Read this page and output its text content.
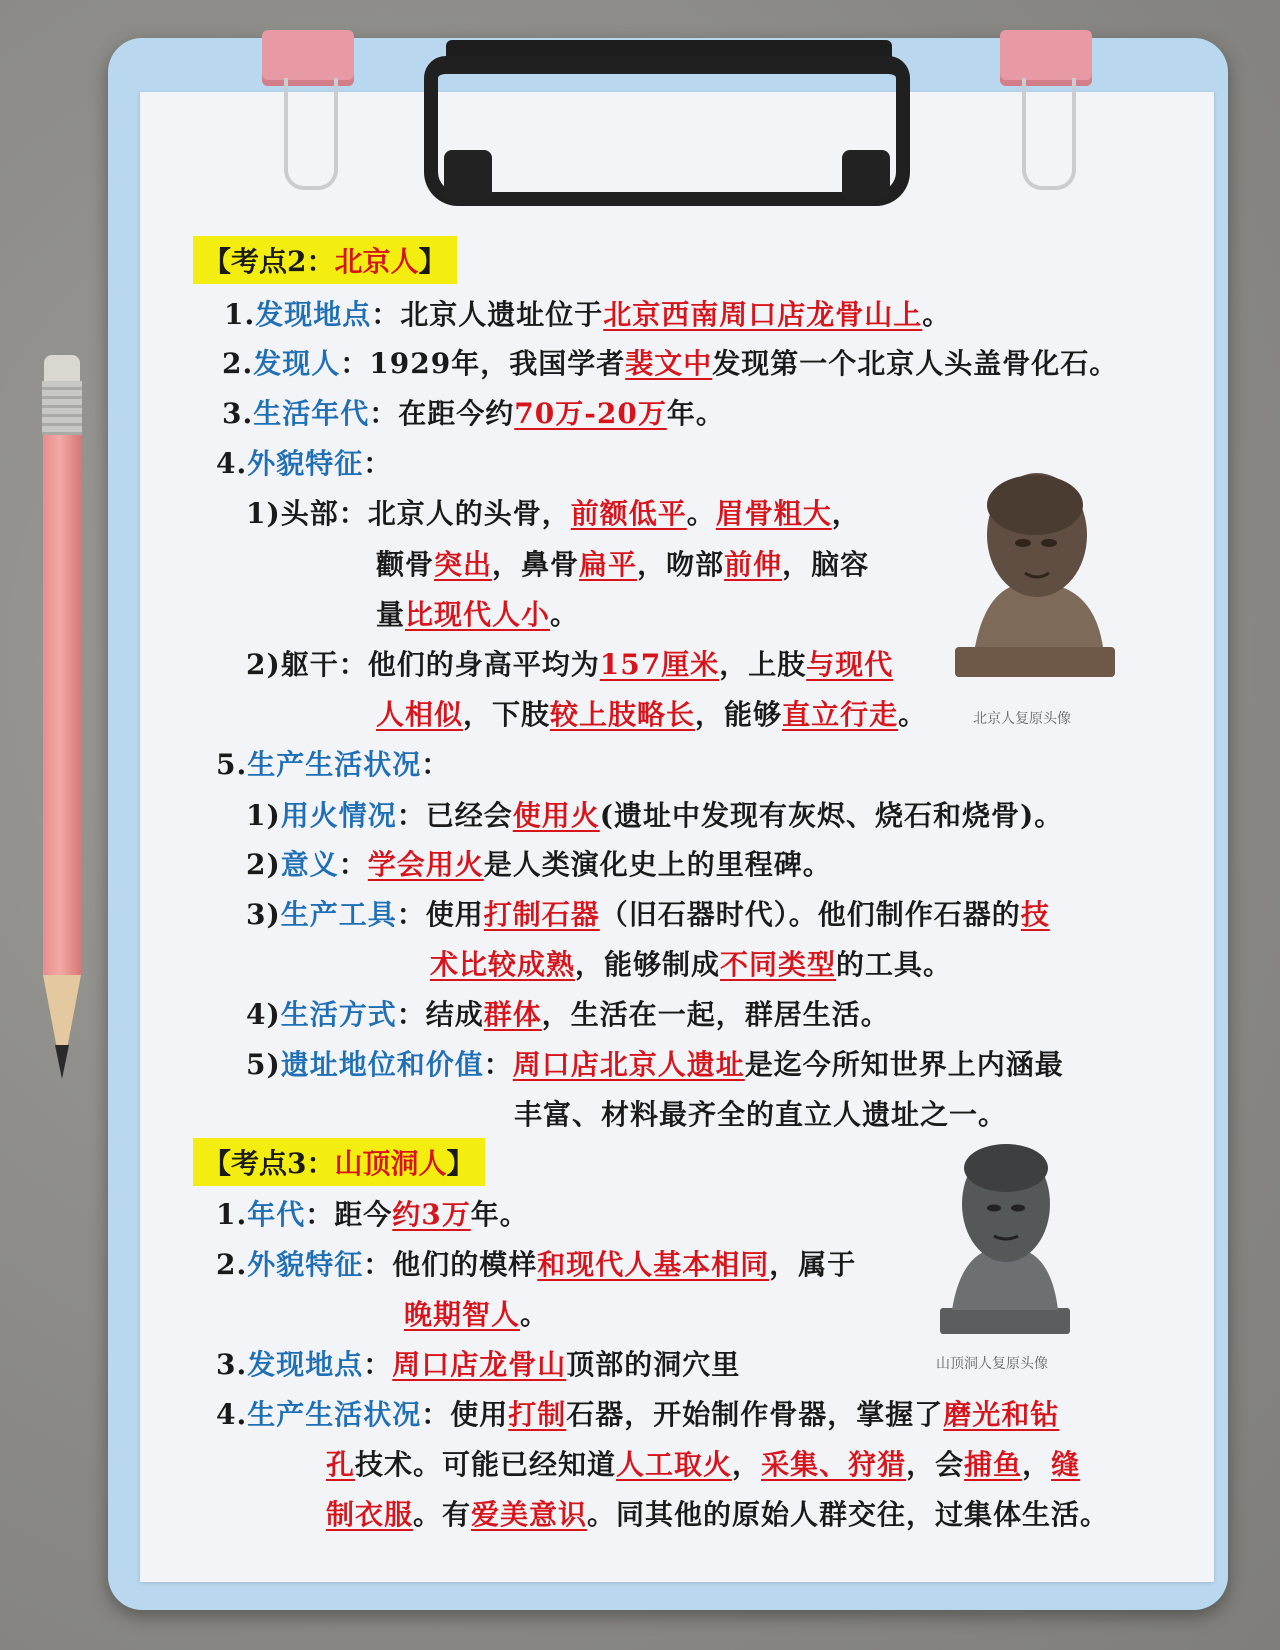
【考点2：北京人】
1.发现地点：北京人遗址位于北京西南周口店龙骨山上。
2.发现人：1929年，我国学者裴文中发现第一个北京人头盖骨化石。
3.生活年代：在距今约70万-20万年。
4.外貌特征：
1)头部：北京人的头骨，前额低平。眉骨粗大，
颧骨突出，鼻骨扁平，吻部前伸，脑容
量比现代人小。
2)躯干：他们的身高平均为157厘米，上肢与现代
人相似，下肢较上肢略长，能够直立行走。	北京人复原头像
5.生产生活状况：
1)用火情况：已经会使用火(遗址中发现有灰烬、烧石和烧骨)。
2)意义：学会用火是人类演化史上的里程碑。
3)生产工具：使用打制石器（旧石器时代）。他们制作石器的技
术比较成熟，能够制成不同类型的工具。
4)生活方式：结成群体，生活在一起，群居生活。
5)遗址地位和价值：周口店北京人遗址是迄今所知世界上内涵最
丰富、材料最齐全的直立人遗址之一。
【考点3：山顶洞人】
1.年代：距今约3万年。
2.外貌特征：他们的模样和现代人基本相同，属于
晚期智人。
山顶洞人复原头像
3.发现地点：周口店龙骨山顶部的洞穴里
4.生产生活状况：使用打制石器，开始制作骨器，掌握了磨光和钻
孔技术。可能已经知道人工取火，采集、狩猎，会捕鱼，缝
制衣服。有爱美意识。同其他的原始人群交往，过集体生活。
